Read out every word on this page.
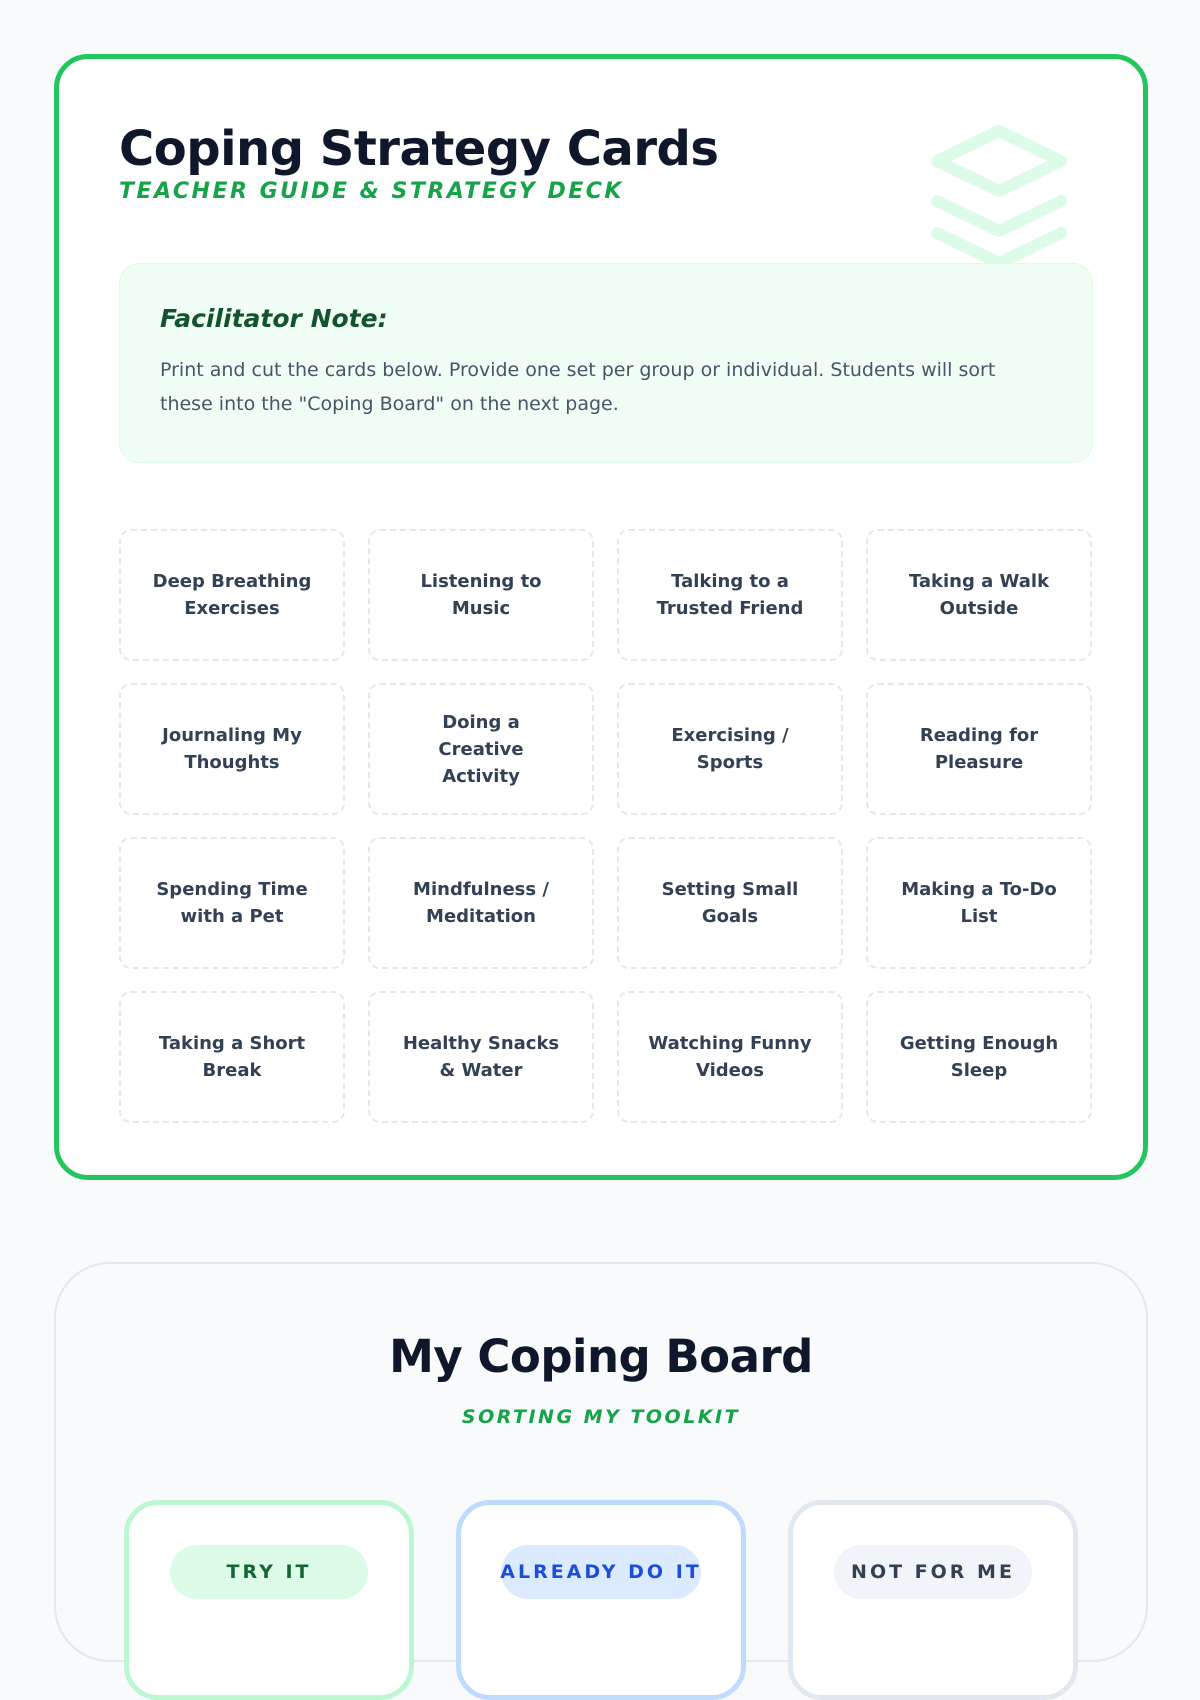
Coping Strategy Cards
TEACHER GUIDE & STRATEGY DECK
Facilitator Note:

Print and cut the cards below. Provide one set per group or individual. Students will sort these into the "Coping Board" on the next page.

Deep Breathing Exercises
Listening to Music
Talking to a Trusted Friend
Taking a Walk Outside
Journaling My Thoughts
Doing a Creative Activity
Exercising / Sports
Reading for Pleasure
Spending Time with a Pet
Mindfulness / Meditation
Setting Small Goals
Making a To-Do List
Taking a Short Break
Healthy Snacks & Water
Watching Funny Videos
Getting Enough Sleep
My Coping Board
SORTING MY TOOLKIT
TRY IT	ALREADY DO IT	NOT FOR ME
